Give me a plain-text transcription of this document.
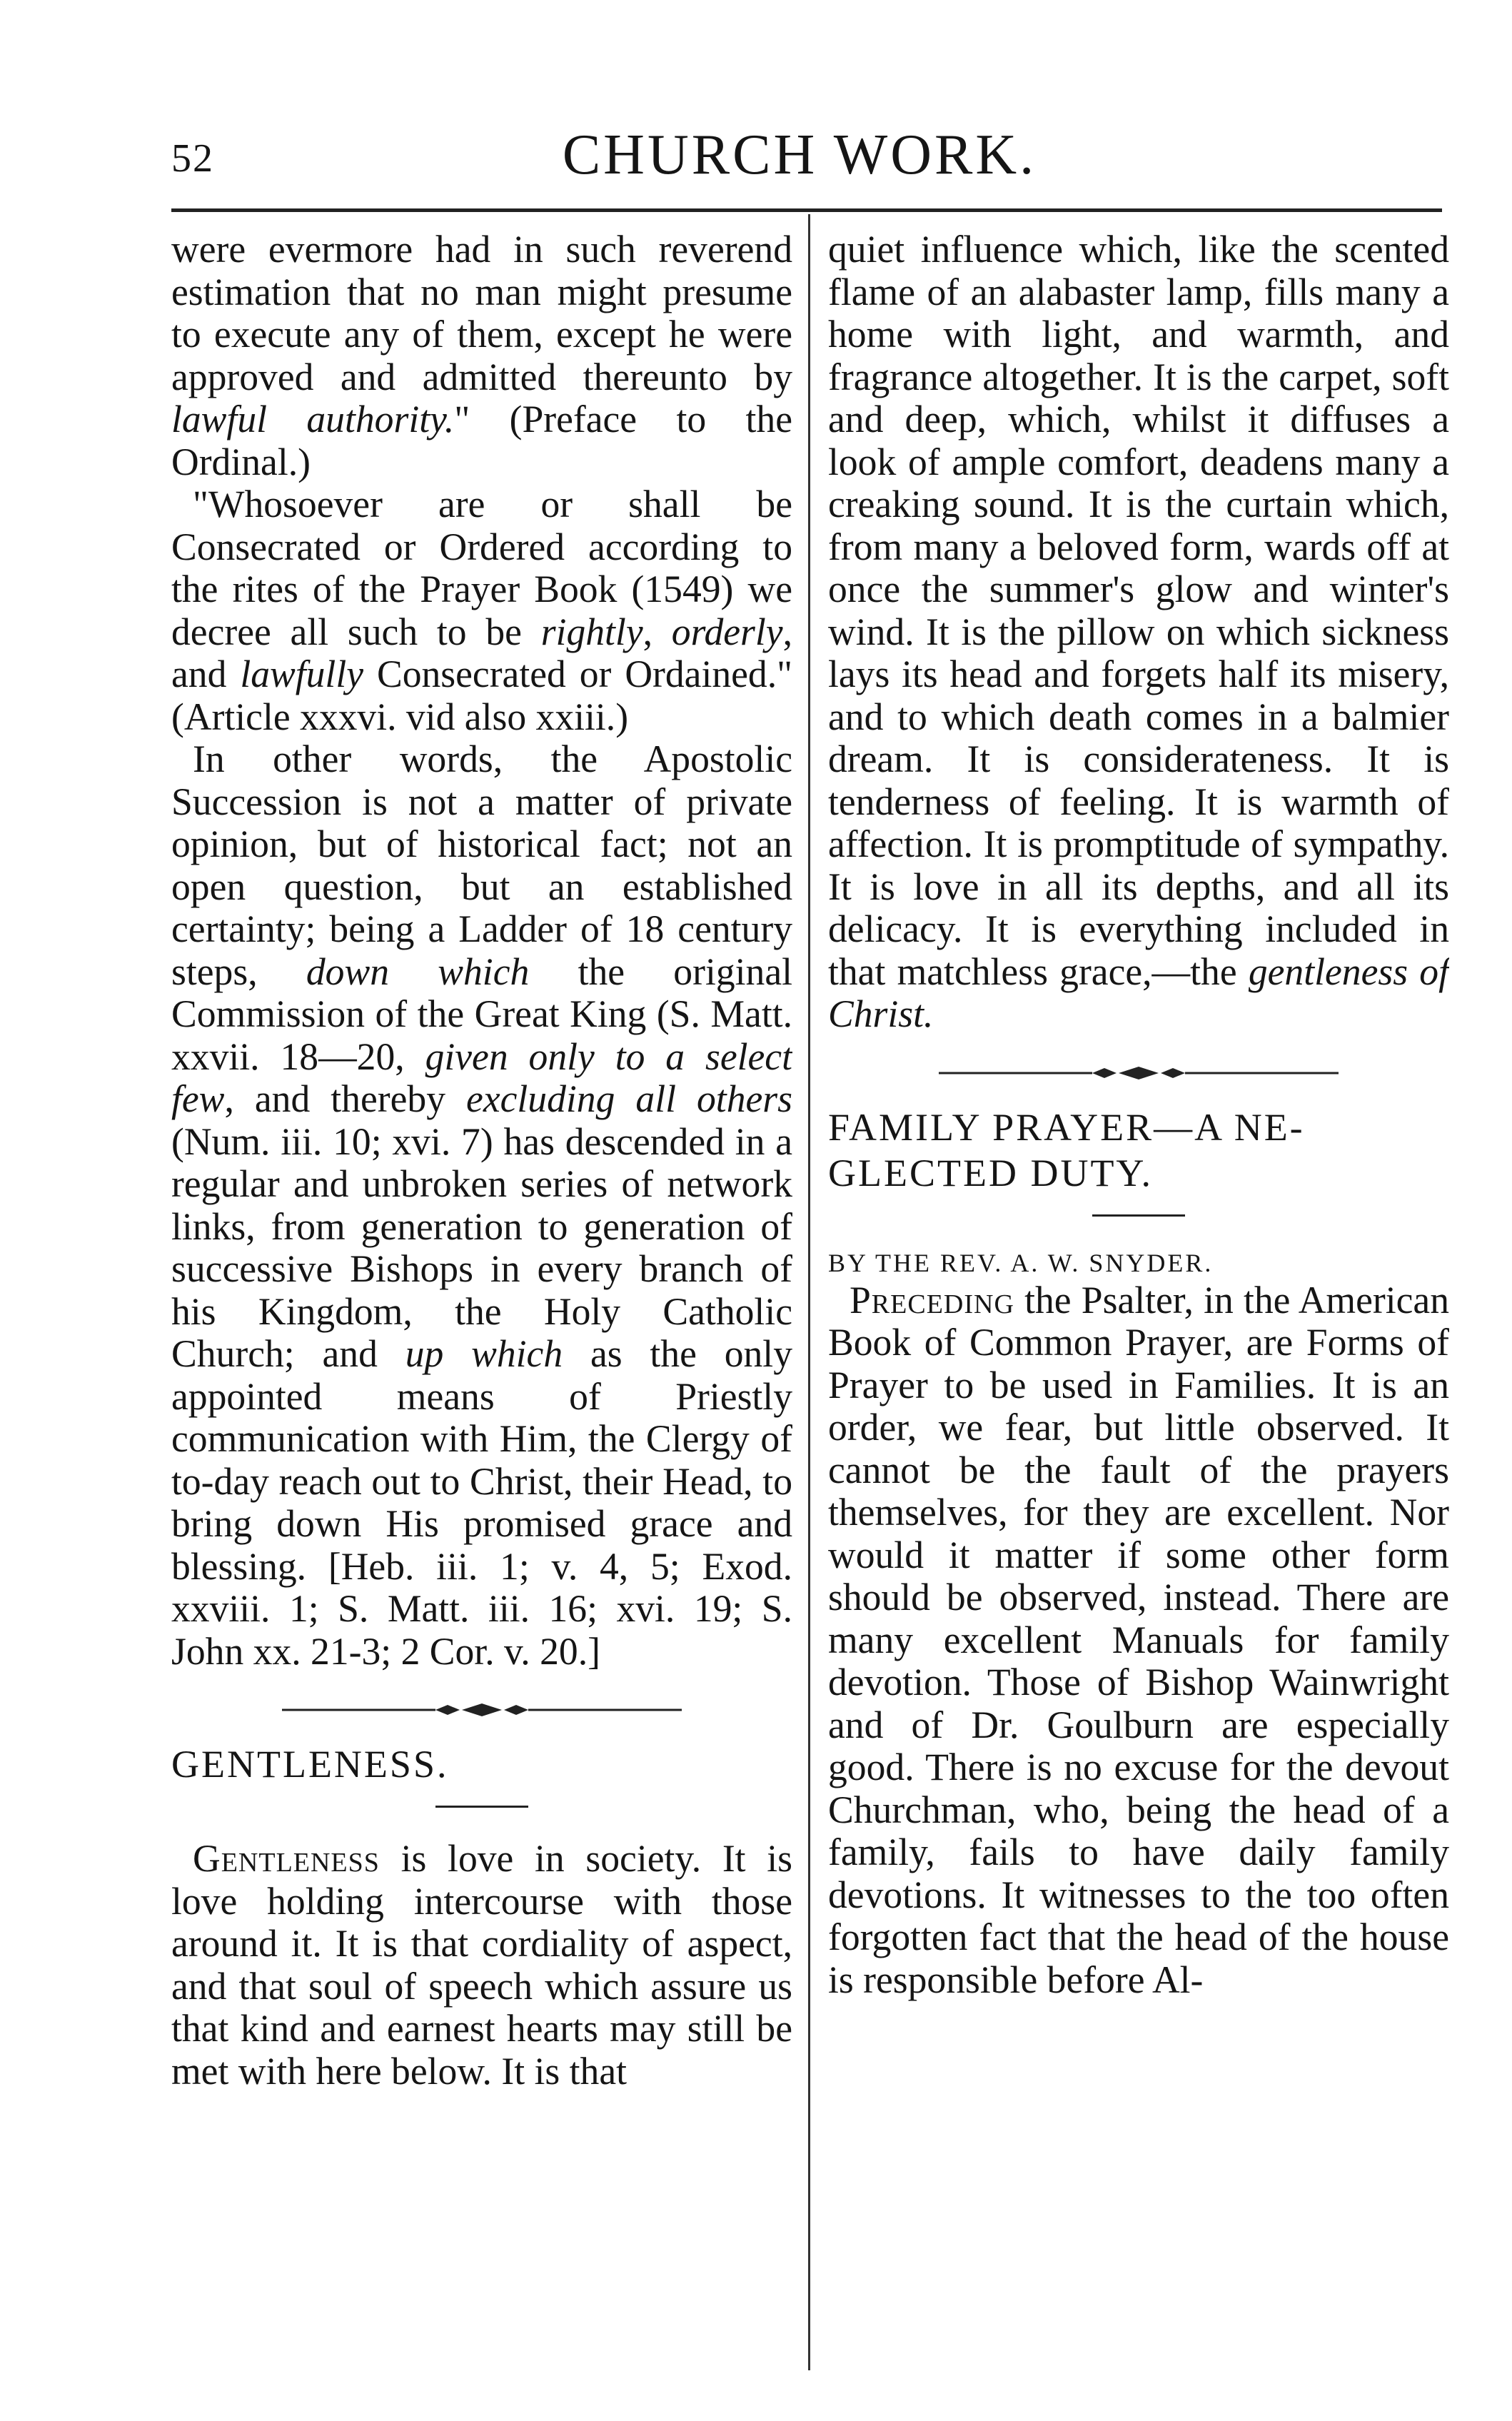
52	CHURCH WORK.

were evermore had in such reverend estimation that no man might presume to execute any of them, except he were approved and admitted thereunto by lawful authority." (Preface to the Ordinal.)

"Whosoever are or shall be Consecrated or Ordered according to the rites of the Prayer Book (1549) we decree all such to be rightly, orderly, and lawfully Consecrated or Ordained." (Article xxxvi. vid also xxiii.)

In other words, the Apostolic Succession is not a matter of private opinion, but of historical fact; not an open question, but an established certainty; being a Ladder of 18 century steps, down which the original Commission of the Great King (S. Matt. xxvii. 18—20, given only to a select few, and thereby excluding all others (Num. iii. 10; xvi. 7) has descended in a regular and unbroken series of network links, from generation to generation of successive Bishops in every branch of his Kingdom, the Holy Catholic Church; and up which as the only appointed means of Priestly communication with Him, the Clergy of to-day reach out to Christ, their Head, to bring down His promised grace and blessing. [Heb. iii. 1; v. 4, 5; Exod. xxviii. 1; S. Matt. iii. 16; xvi. 19; S. John xx. 21-3; 2 Cor. v. 20.]

GENTLENESS.

Gentleness is love in society. It is love holding intercourse with those around it. It is that cordiality of aspect, and that soul of speech which assure us that kind and earnest hearts may still be met with here below. It is that

quiet influence which, like the scented flame of an alabaster lamp, fills many a home with light, and warmth, and fragrance altogether. It is the carpet, soft and deep, which, whilst it diffuses a look of ample comfort, deadens many a creaking sound. It is the curtain which, from many a beloved form, wards off at once the summer's glow and winter's wind. It is the pillow on which sickness lays its head and forgets half its misery, and to which death comes in a balmier dream. It is considerateness. It is tenderness of feeling. It is warmth of affection. It is promptitude of sympathy. It is love in all its depths, and all its delicacy. It is everything included in that matchless grace,—the gentleness of Christ.

FAMILY PRAYER—A NE-
GLECTED DUTY.

BY THE REV. A. W. SNYDER.

Preceding the Psalter, in the American Book of Common Prayer, are Forms of Prayer to be used in Families. It is an order, we fear, but little observed. It cannot be the fault of the prayers themselves, for they are excellent. Nor would it matter if some other form should be observed, instead. There are many excellent Manuals for family devotion. Those of Bishop Wainwright and of Dr. Goulburn are especially good. There is no excuse for the devout Churchman, who, being the head of a family, fails to have daily family devotions. It witnesses to the too often forgotten fact that the head of the house is responsible before Al-
